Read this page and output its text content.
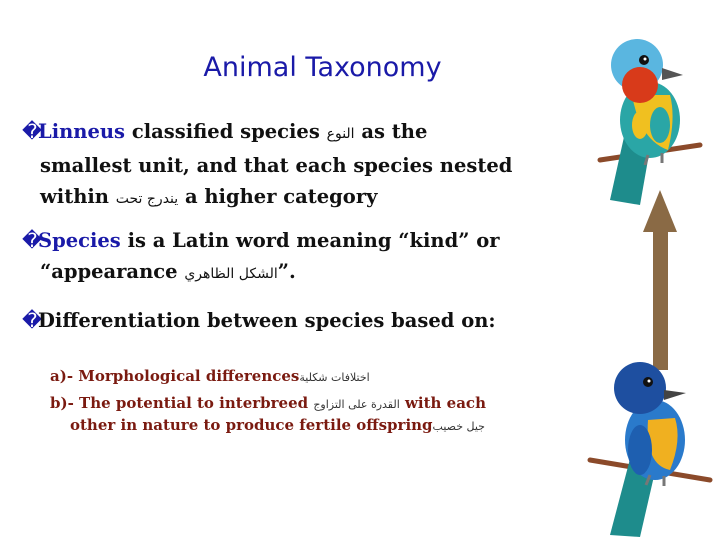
Animal Taxonomy
�Linneus classified species النوع as the
smallest unit, and that each species nested
within يندرج تحت a higher category
�Species is a Latin word meaning “kind” or
“appearance الشكل الظاهري”.
�Differentiation between species based on:
a)- Morphological differencesاختلافات شكلية
b)- The potential to interbreed القدرة على التزاوج with each
other in nature to produce fertile offspringجيل خصيب
